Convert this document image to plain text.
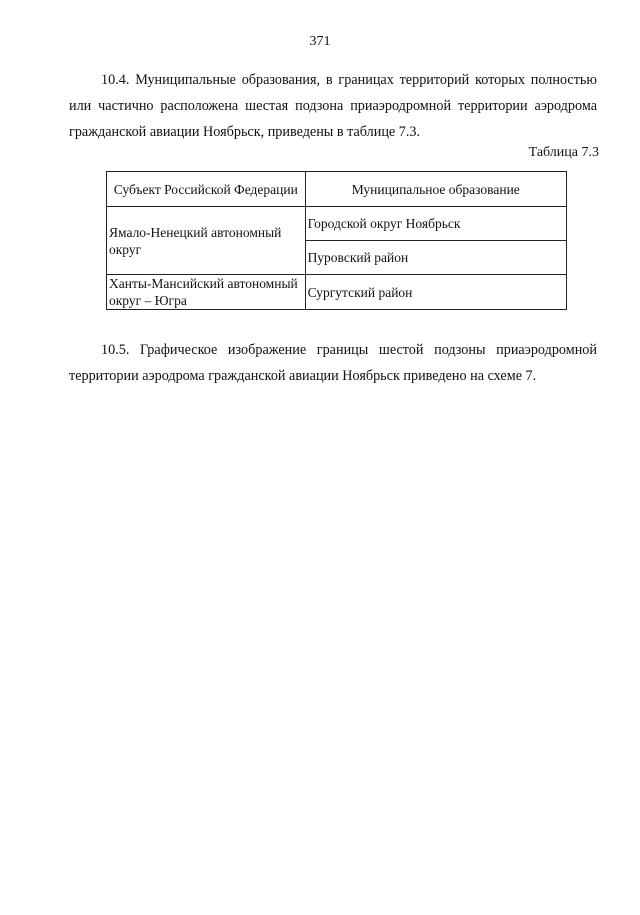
371

10.4. Муниципальные образования, в границах территорий которых полностью или частично расположена шестая подзона приаэродромной территории аэродрома гражданской авиации Ноябрьск, приведены в таблице 7.3.

Таблица 7.3
Субъект Российской Федерации	Муниципальное образование
Ямало-Ненецкий автономный округ	Городской округ Ноябрьск
	Пуровский район
Ханты-Мансийский автономный округ – Югра	Сургутский район

10.5. Графическое изображение границы шестой подзоны приаэродромной территории аэродрома гражданской авиации Ноябрьск приведено на схеме 7.
